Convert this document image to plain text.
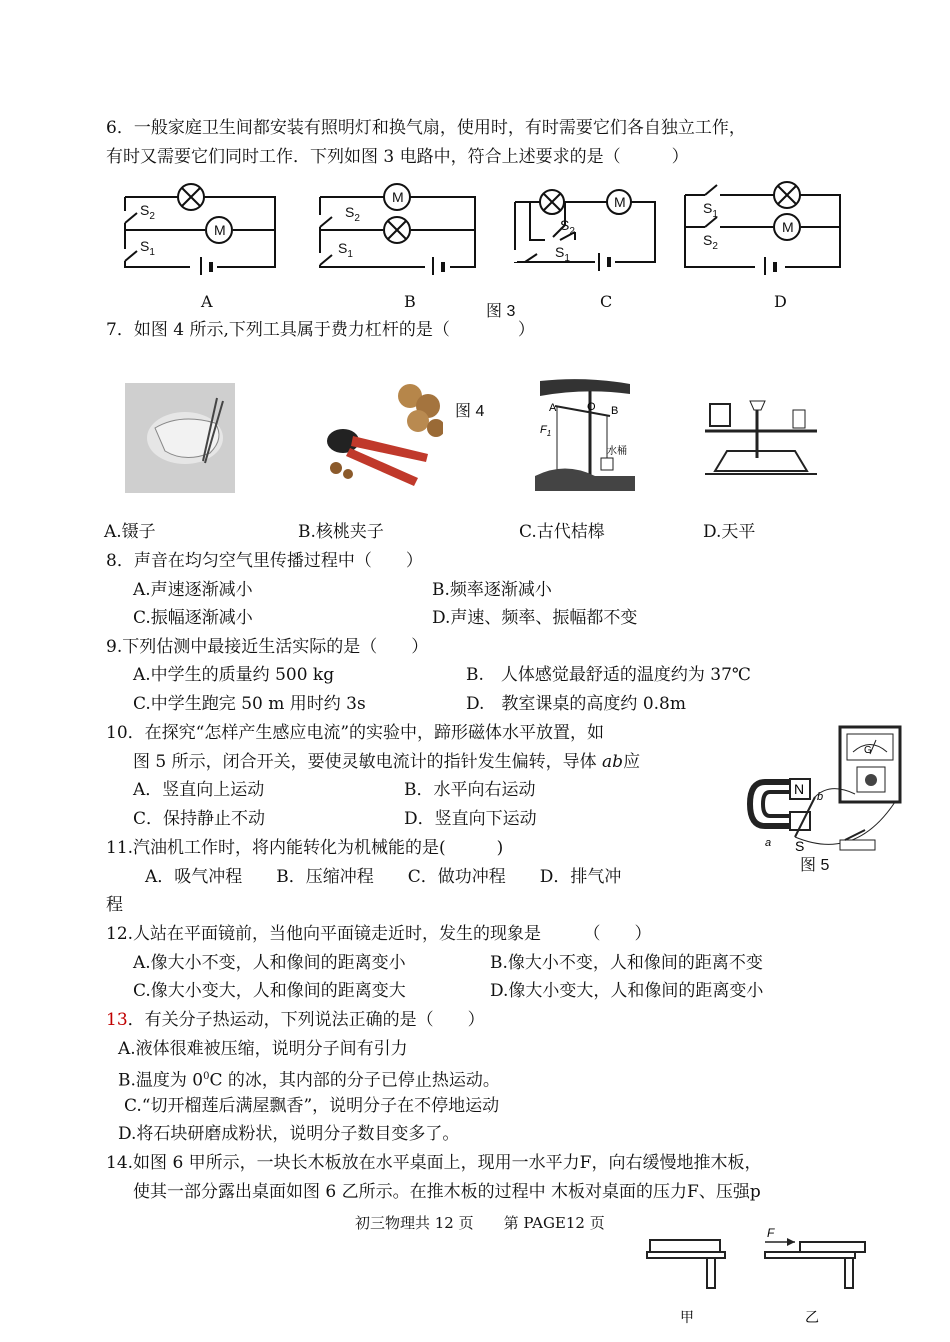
6．一般家庭卫生间都安装有照明灯和换气扇，使用时，有时需要它们各自独立工作，
有时又需要它们同时工作．下列如图 3 电路中，符合上述要求的是（　　　）
M
M	M
M
$S_2$
$S_1$
$S_2$
$S_1$
$S_2$
$S_1$
$S_1$
$S_2$
A	B
图 3
C	D
7．如图 4 所示,下列工具属于费力杠杆的是（　　　　）
图 4	A	O B
$F_1$
水桶
A.镊子	B.核桃夹子	C.古代桔槔	D.天平
8．声音在均匀空气里传播过程中（　　）
A.声速逐渐减小	B.频率逐渐减小
C.振幅逐渐减小	D.声速、频率、振幅都不变
9.下列估测中最接近生活实际的是（　　）
A.中学生的质量约 500 kg	B.　人体感觉最舒适的温度约为 37℃
C.中学生跑完 50 m 用时约 3s	D.　教室课桌的高度约 0.8m
10．在探究“怎样产生感应电流”的实验中，蹄形磁体水平放置，如
图 5 所示，闭合开关，要使灵敏电流计的指针发生偏转，导体 ab应
A．竖直向上运动	B．水平向右运动
C．保持静止不动	D．竖直向下运动
G
N
S
b
a
图 5
11.汽油机工作时，将内能转化为机械能的是(　　　)
A．吸气冲程　　B．压缩冲程　　C．做功冲程　　D．排气冲
程
12.人站在平面镜前，当他向平面镜走近时，发生的现象是　　　（　　）
A.像大小不变，人和像间的距离变小	B.像大小不变，人和像间的距离不变
C.像大小变大，人和像间的距离变大	D.像大小变大，人和像间的距离变小
13．有关分子热运动，下列说法正确的是（　　）
A.液体很难被压缩，说明分子间有引力
B.温度为 $0^0C$ 的冰，其内部的分子已停止热运动。
C.“切开榴莲后满屋飘香”，说明分子在不停地运动
D.将石块研磨成粉状，说明分子数目变多了。
14.如图 6 甲所示，一块长木板放在水平桌面上，现用一水平力F，向右缓慢地推木板，
使其一部分露出桌面如图 6 乙所示。在推木板的过程中 木板对桌面的压力F、压强p
初三物理共 12 页　　第 PAGE12 页
F
甲	乙
